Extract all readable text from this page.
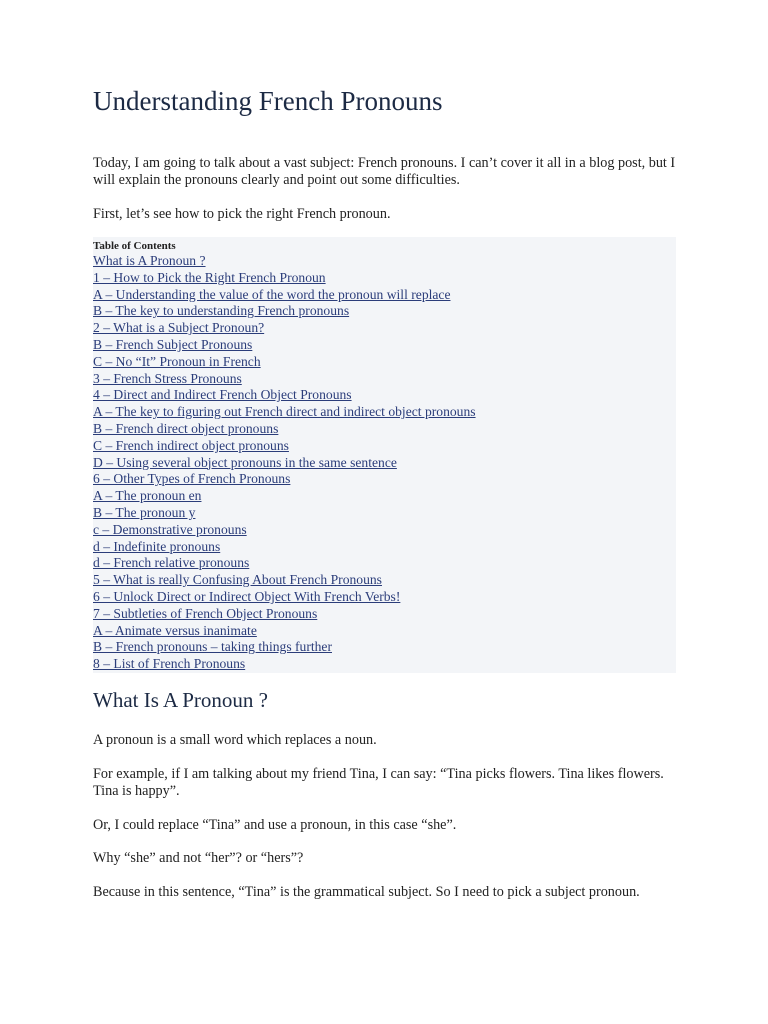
Understanding French Pronouns

Today, I am going to talk about a vast subject: French pronouns. I can’t cover it all in a blog post, but I will explain the pronouns clearly and point out some difficulties.

First, let’s see how to pick the right French pronoun.

Table of Contents
What is A Pronoun ?
1 – How to Pick the Right French Pronoun
A – Understanding the value of the word the pronoun will replace
B – The key to understanding French pronouns
2 – What is a Subject Pronoun?
B – French Subject Pronouns
C – No “It” Pronoun in French
3 – French Stress Pronouns
4 – Direct and Indirect French Object Pronouns
A – The key to figuring out French direct and indirect object pronouns
B – French direct object pronouns
C – French indirect object pronouns
D – Using several object pronouns in the same sentence
6 – Other Types of French Pronouns
A – The pronoun en
B – The pronoun y
c – Demonstrative pronouns
d – Indefinite pronouns
d – French relative pronouns
5 – What is really Confusing About French Pronouns
6 – Unlock Direct or Indirect Object With French Verbs!
7 – Subtleties of French Object Pronouns
A – Animate versus inanimate
B – French pronouns – taking things further
8 – List of French Pronouns
What Is A Pronoun ?

A pronoun is a small word which replaces a noun.

For example, if I am talking about my friend Tina, I can say: “Tina picks flowers. Tina likes flowers. Tina is happy”.

Or, I could replace “Tina” and use a pronoun, in this case “she”.

Why “she” and not “her”? or “hers”?

Because in this sentence, “Tina” is the grammatical subject. So I need to pick a subject pronoun.
